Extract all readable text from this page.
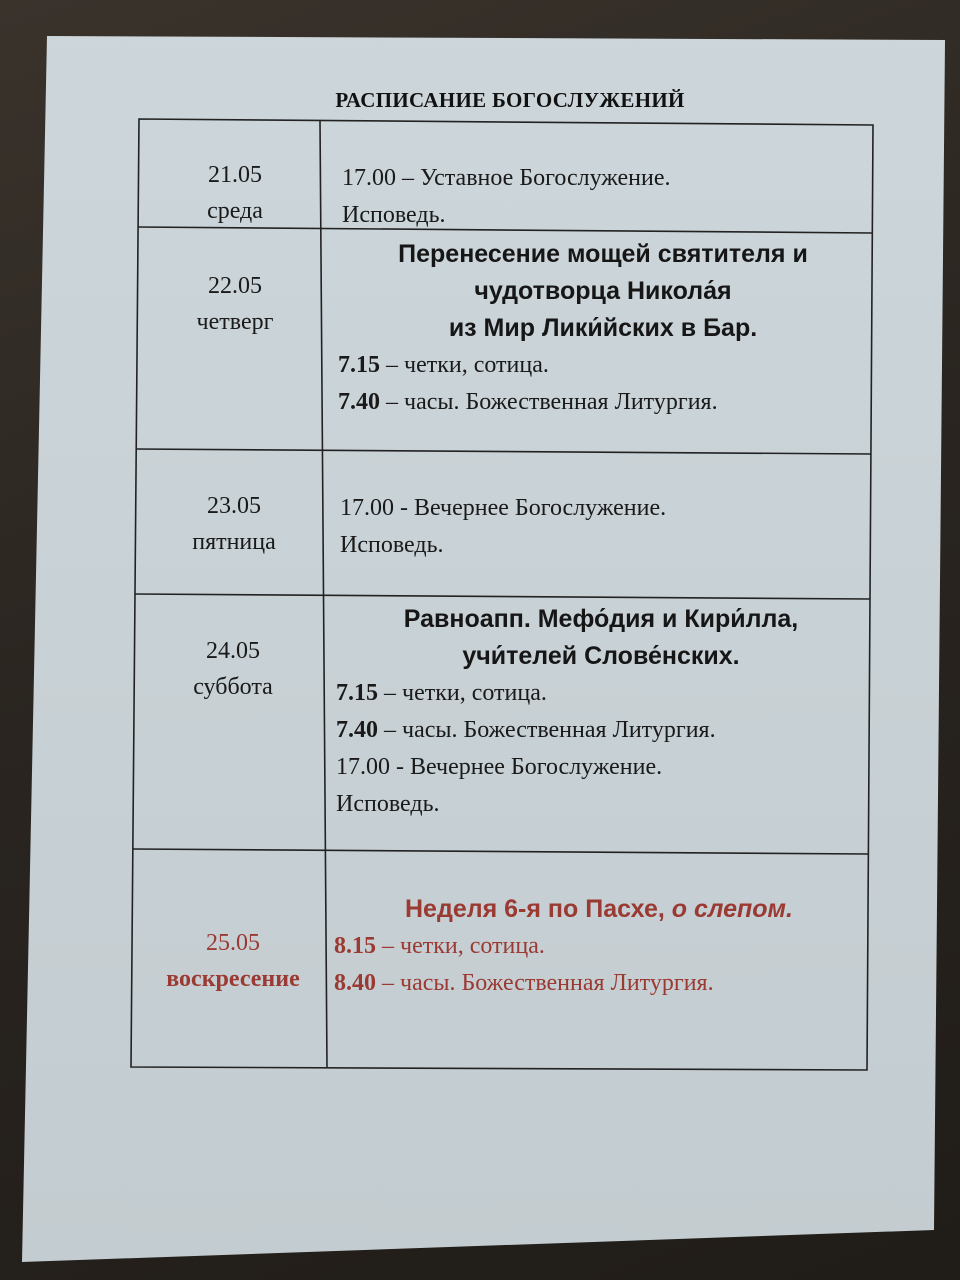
РАСПИСАНИЕ БОГОСЛУЖЕНИЙ
21.05
среда
17.00 – Уставное Богослужение.
Исповедь.
22.05
четверг
Перенесение мощей святителя и
чудотворца Никола́я
из Мир Лики́йских в Бар.
7.15 – четки, сотица.
7.40 – часы. Божественная Литургия.
23.05
пятница
17.00 - Вечернее Богослужение.
Исповедь.
24.05
суббота
Равноапп. Мефо́дия и Кири́лла,
учи́телей Слове́нских.
7.15 – четки, сотица.
7.40 – часы. Божественная Литургия.
17.00 - Вечернее Богослужение.
Исповедь.
25.05
воскресение
Неделя 6-я по Пасхе, о слепом.
8.15 – четки, сотица.
8.40 – часы. Божественная Литургия.
